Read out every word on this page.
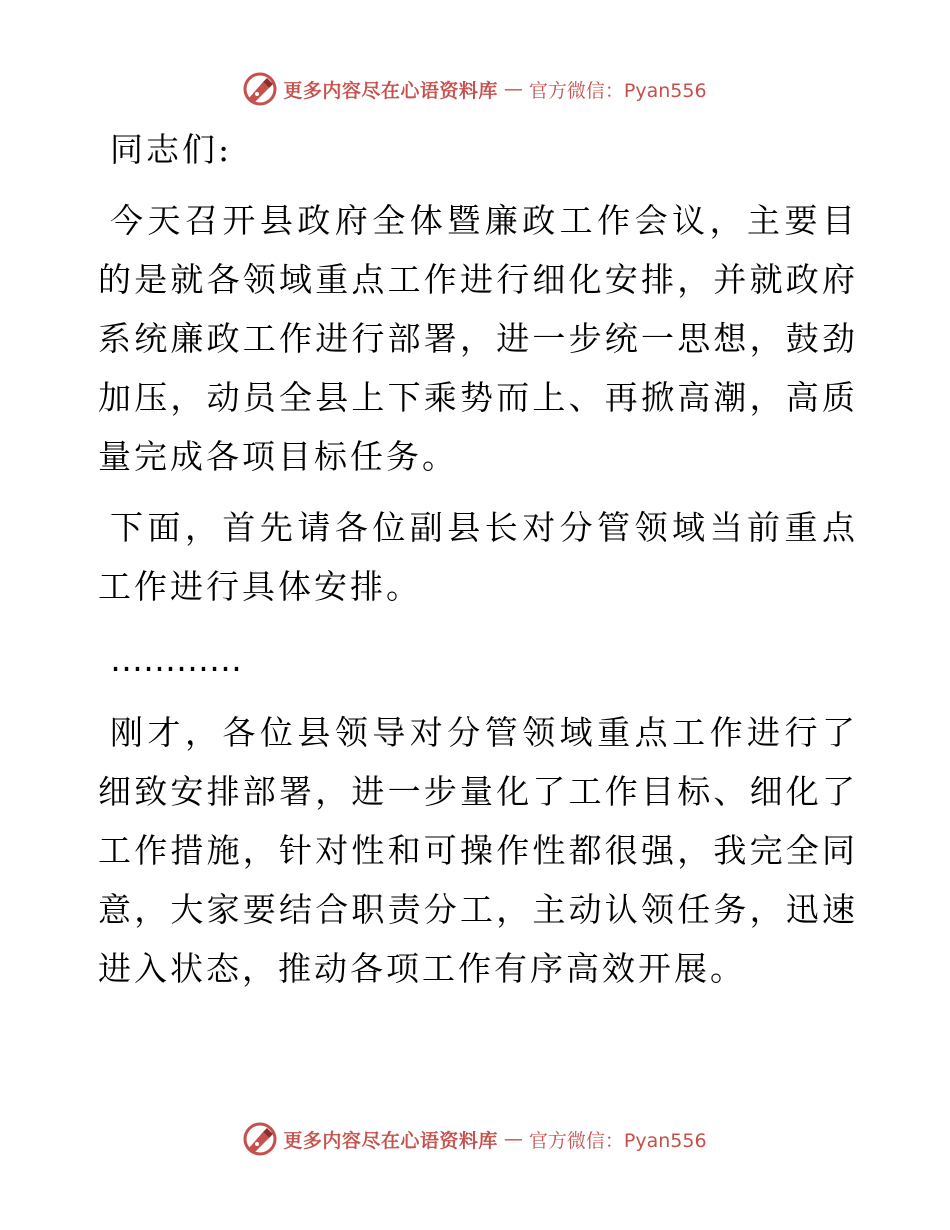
更多内容尽在心语资料库 — 官方微信：Pyan556

同志们:

今天召开县政府全体暨廉政工作会议，主要目的是就各领域重点工作进行细化安排，并就政府系统廉政工作进行部署，进一步统一思想，鼓劲加压，动员全县上下乘势而上、再掀高潮，高质量完成各项目标任务。

下面，首先请各位副县长对分管领域当前重点工作进行具体安排。

…………

刚才，各位县领导对分管领域重点工作进行了细致安排部署，进一步量化了工作目标、细化了工作措施，针对性和可操作性都很强，我完全同意，大家要结合职责分工，主动认领任务，迅速进入状态，推动各项工作有序高效开展。

更多内容尽在心语资料库 — 官方微信：Pyan556
